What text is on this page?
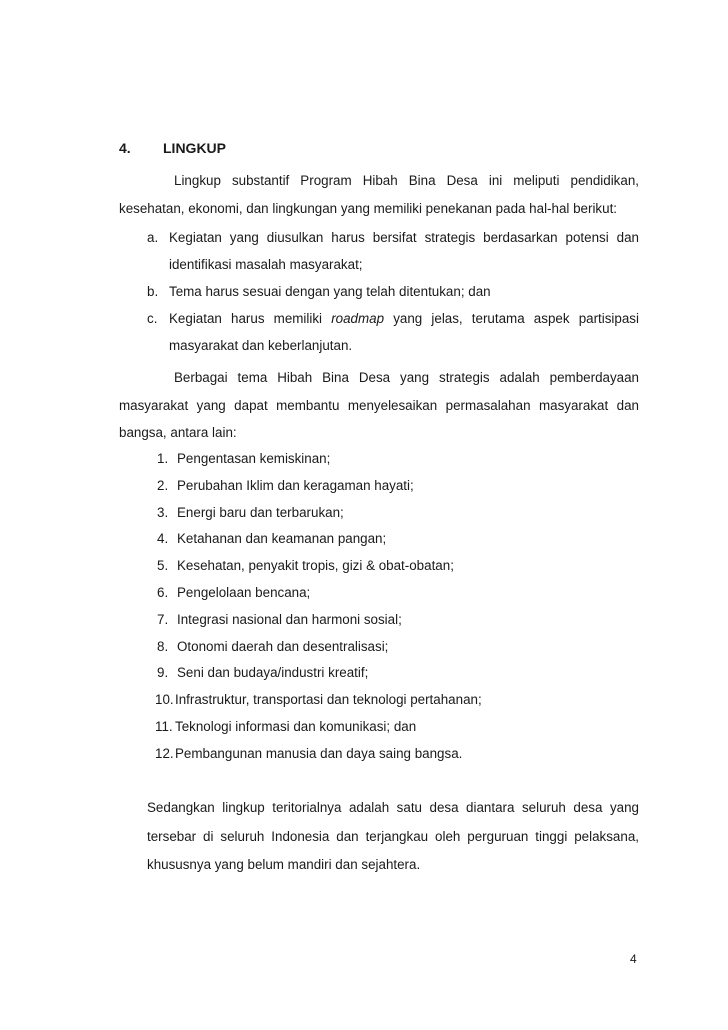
4. LINGKUP

Lingkup substantif Program Hibah Bina Desa ini meliputi pendidikan,

kesehatan, ekonomi, dan lingkungan yang memiliki penekanan pada hal-hal berikut:

a. Kegiatan yang diusulkan harus bersifat strategis berdasarkan potensi dan

identifikasi masalah masyarakat;

b. Tema harus sesuai dengan yang telah ditentukan; dan

c. Kegiatan harus memiliki roadmap yang jelas, terutama aspek partisipasi

masyarakat dan keberlanjutan.

Berbagai tema Hibah Bina Desa yang strategis adalah pemberdayaan

masyarakat yang dapat membantu menyelesaikan permasalahan masyarakat dan

bangsa, antara lain:

1. Pengentasan kemiskinan;

2. Perubahan Iklim dan keragaman hayati;

3. Energi baru dan terbarukan;

4. Ketahanan dan keamanan pangan;

5. Kesehatan, penyakit tropis, gizi & obat-obatan;

6. Pengelolaan bencana;

7. Integrasi nasional dan harmoni sosial;

8. Otonomi daerah dan desentralisasi;

9. Seni dan budaya/industri kreatif;

10.Infrastruktur, transportasi dan teknologi pertahanan;

11. Teknologi informasi dan komunikasi; dan

12.Pembangunan manusia dan daya saing bangsa.

Sedangkan lingkup teritorialnya adalah satu desa diantara seluruh desa yang

tersebar di seluruh Indonesia dan terjangkau oleh perguruan tinggi pelaksana,

khususnya yang belum mandiri dan sejahtera.

4
